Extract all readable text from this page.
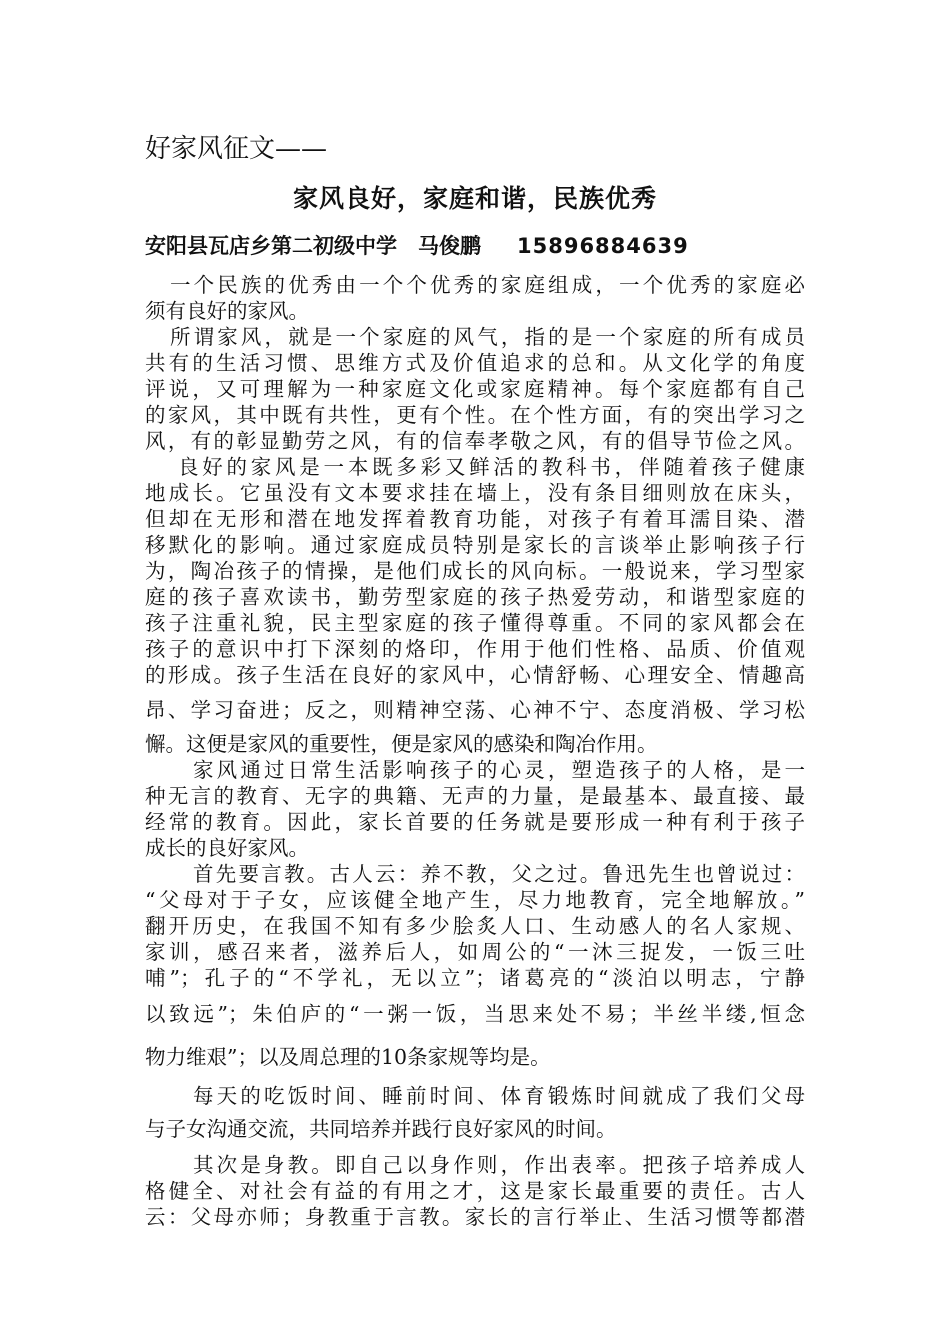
好家风征文——
家风良好，家庭和谐，民族优秀
安阳县瓦店乡第二初级中学　马俊鹏 15896884639
一个民族的优秀由一个个优秀的家庭组成，一个优秀的家庭必
须有良好的家风。
所谓家风，就是一个家庭的风气，指的是一个家庭的所有成员
共有的生活习惯、思维方式及价值追求的总和。从文化学的角度
评说，又可理解为一种家庭文化或家庭精神。每个家庭都有自己
的家风，其中既有共性，更有个性。在个性方面，有的突出学习之
风，有的彰显勤劳之风，有的信奉孝敬之风，有的倡导节俭之风。
良好的家风是一本既多彩又鲜活的教科书，伴随着孩子健康
地成长。它虽没有文本要求挂在墙上，没有条目细则放在床头，
但却在无形和潜在地发挥着教育功能，对孩子有着耳濡目染、潜
移默化的影响。通过家庭成员特别是家长的言谈举止影响孩子行
为，陶冶孩子的情操，是他们成长的风向标。一般说来，学习型家
庭的孩子喜欢读书，勤劳型家庭的孩子热爱劳动，和谐型家庭的
孩子注重礼貌，民主型家庭的孩子懂得尊重。不同的家风都会在
孩子的意识中打下深刻的烙印，作用于他们性格、品质、价值观
的形成。孩子生活在良好的家风中，心情舒畅、心理安全、情趣高
昂、学习奋进；反之，则精神空荡、心神不宁、态度消极、学习松
懈。这便是家风的重要性，便是家风的感染和陶冶作用。
家风通过日常生活影响孩子的心灵，塑造孩子的人格，是一
种无言的教育、无字的典籍、无声的力量，是最基本、最直接、最
经常的教育。因此，家长首要的任务就是要形成一种有利于孩子
成长的良好家风。
首先要言教。古人云：养不教，父之过。鲁迅先生也曾说过：
“父母对于子女，应该健全地产生，尽力地教育，完全地解放。”
翻开历史，在我国不知有多少脍炙人口、生动感人的名人家规、
家训，感召来者，滋养后人，如周公的“一沐三捉发，一饭三吐
哺”；孔子的“不学礼，无以立”；诸葛亮的“淡泊以明志，宁静
以致远”；朱伯庐的“一粥一饭，当思来处不易；半丝半缕,恒念
物力维艰”；以及周总理的10条家规等均是。
每天的吃饭时间、睡前时间、体育锻炼时间就成了我们父母
与子女沟通交流，共同培养并践行良好家风的时间。
其次是身教。即自己以身作则，作出表率。把孩子培养成人
格健全、对社会有益的有用之才，这是家长最重要的责任。古人
云：父母亦师；身教重于言教。家长的言行举止、生活习惯等都潜
